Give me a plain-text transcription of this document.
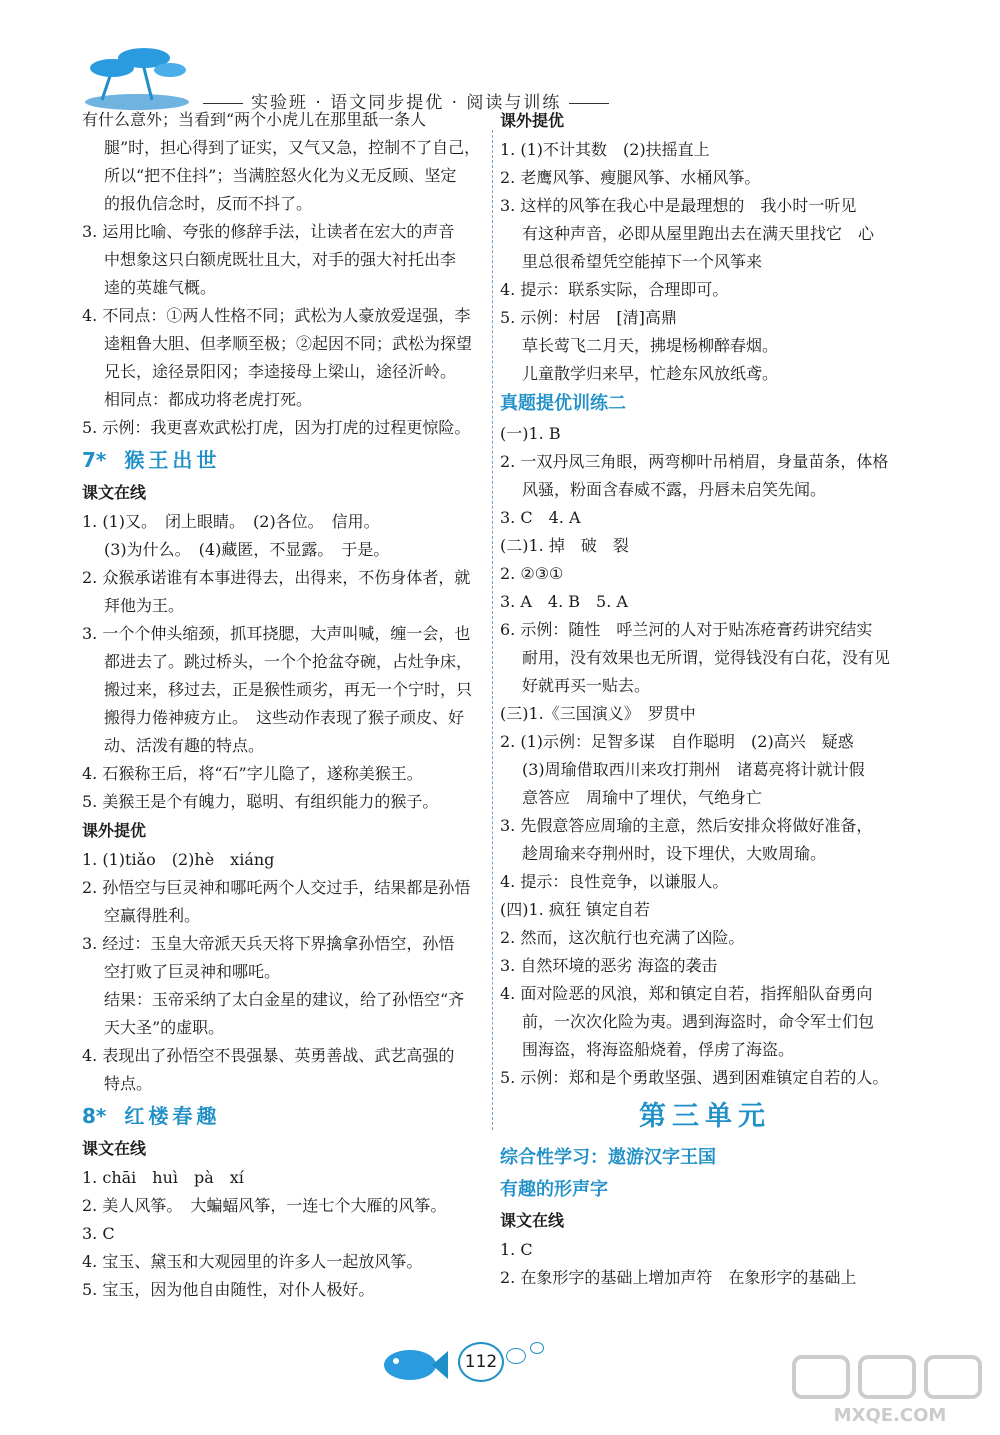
实验班 · 语文同步提优 · 阅读与训练
有什么意外；当看到“两个小虎儿在那里舐一条人
腿”时，担心得到了证实，又气又急，控制不了自己，
所以“把不住抖”；当满腔怒火化为义无反顾、坚定
的报仇信念时，反而不抖了。
3. 运用比喻、夸张的修辞手法，让读者在宏大的声音
中想象这只白额虎既壮且大，对手的强大衬托出李
逵的英雄气概。
4. 不同点：①两人性格不同；武松为人豪放爱逞强，李
逵粗鲁大胆、但孝顺至极；②起因不同；武松为探望
兄长，途径景阳冈；李逵接母上梁山，途径沂岭。
相同点：都成功将老虎打死。
5. 示例：我更喜欢武松打虎，因为打虎的过程更惊险。
7* 猴王出世
课文在线
1. (1)又。　闭上眼睛。　(2)各位。　信用。
(3)为什么。　(4)藏匿，不显露。　于是。
2. 众猴承诺谁有本事进得去，出得来，不伤身体者，就
拜他为王。
3. 一个个伸头缩颈，抓耳挠腮，大声叫喊，缠一会，也
都进去了。跳过桥头，一个个抢盆夺碗，占灶争床，
搬过来，移过去，正是猴性顽劣，再无一个宁时，只
搬得力倦神疲方止。　这些动作表现了猴子顽皮、好
动、活泼有趣的特点。
4. 石猴称王后，将“石”字儿隐了，遂称美猴王。
5. 美猴王是个有魄力，聪明、有组织能力的猴子。
课外提优
1. (1)tiǎo　(2)hè　xiáng
2. 孙悟空与巨灵神和哪吒两个人交过手，结果都是孙悟
空赢得胜利。
3. 经过：玉皇大帝派天兵天将下界擒拿孙悟空，孙悟
空打败了巨灵神和哪吒。
结果：玉帝采纳了太白金星的建议，给了孙悟空“齐
天大圣”的虚职。
4. 表现出了孙悟空不畏强暴、英勇善战、武艺高强的
特点。
8* 红楼春趣
课文在线
1. chāi　huì　pà　xí
2. 美人风筝。　大蝙蝠风筝，一连七个大雁的风筝。
3. C
4. 宝玉、黛玉和大观园里的许多人一起放风筝。
5. 宝玉，因为他自由随性，对仆人极好。
课外提优
1. (1)不计其数　(2)扶摇直上
2. 老鹰风筝、瘦腿风筝、水桶风筝。
3. 这样的风筝在我心中是最理想的　我小时一听见
有这种声音，必即从屋里跑出去在满天里找它　心
里总很希望凭空能掉下一个风筝来
4. 提示：联系实际，合理即可。
5. 示例：村居　[清]高鼎
草长莺飞二月天，拂堤杨柳醉春烟。
儿童散学归来早，忙趁东风放纸鸢。
真题提优训练二
(一)1. B
2. 一双丹凤三角眼，两弯柳叶吊梢眉，身量苗条，体格
风骚，粉面含春威不露，丹唇未启笑先闻。
3. C　4. A
(二)1. 掉　破　裂
2. ②③①
3. A　4. B　5. A
6. 示例：随性　呼兰河的人对于贴冻疮膏药讲究结实
耐用，没有效果也无所谓，觉得钱没有白花，没有见
好就再买一贴去。
(三)1.《三国演义》　罗贯中
2. (1)示例：足智多谋　自作聪明　(2)高兴　疑惑
(3)周瑜借取西川来攻打荆州　诸葛亮将计就计假
意答应　周瑜中了埋伏，气绝身亡
3. 先假意答应周瑜的主意，然后安排众将做好准备，
趁周瑜来夺荆州时，设下埋伏，大败周瑜。
4. 提示：良性竞争，以谦服人。
(四)1. 疯狂 镇定自若
2. 然而，这次航行也充满了凶险。
3. 自然环境的恶劣 海盗的袭击
4. 面对险恶的风浪，郑和镇定自若，指挥船队奋勇向
前，一次次化险为夷。遇到海盗时，命令军士们包
围海盗，将海盗船烧着，俘虏了海盗。
5. 示例：郑和是个勇敢坚强、遇到困难镇定自若的人。
第三单元
综合性学习：遨游汉字王国
有趣的形声字
课文在线
1. C
2. 在象形字的基础上增加声符　在象形字的基础上
112
MXQE.COM
